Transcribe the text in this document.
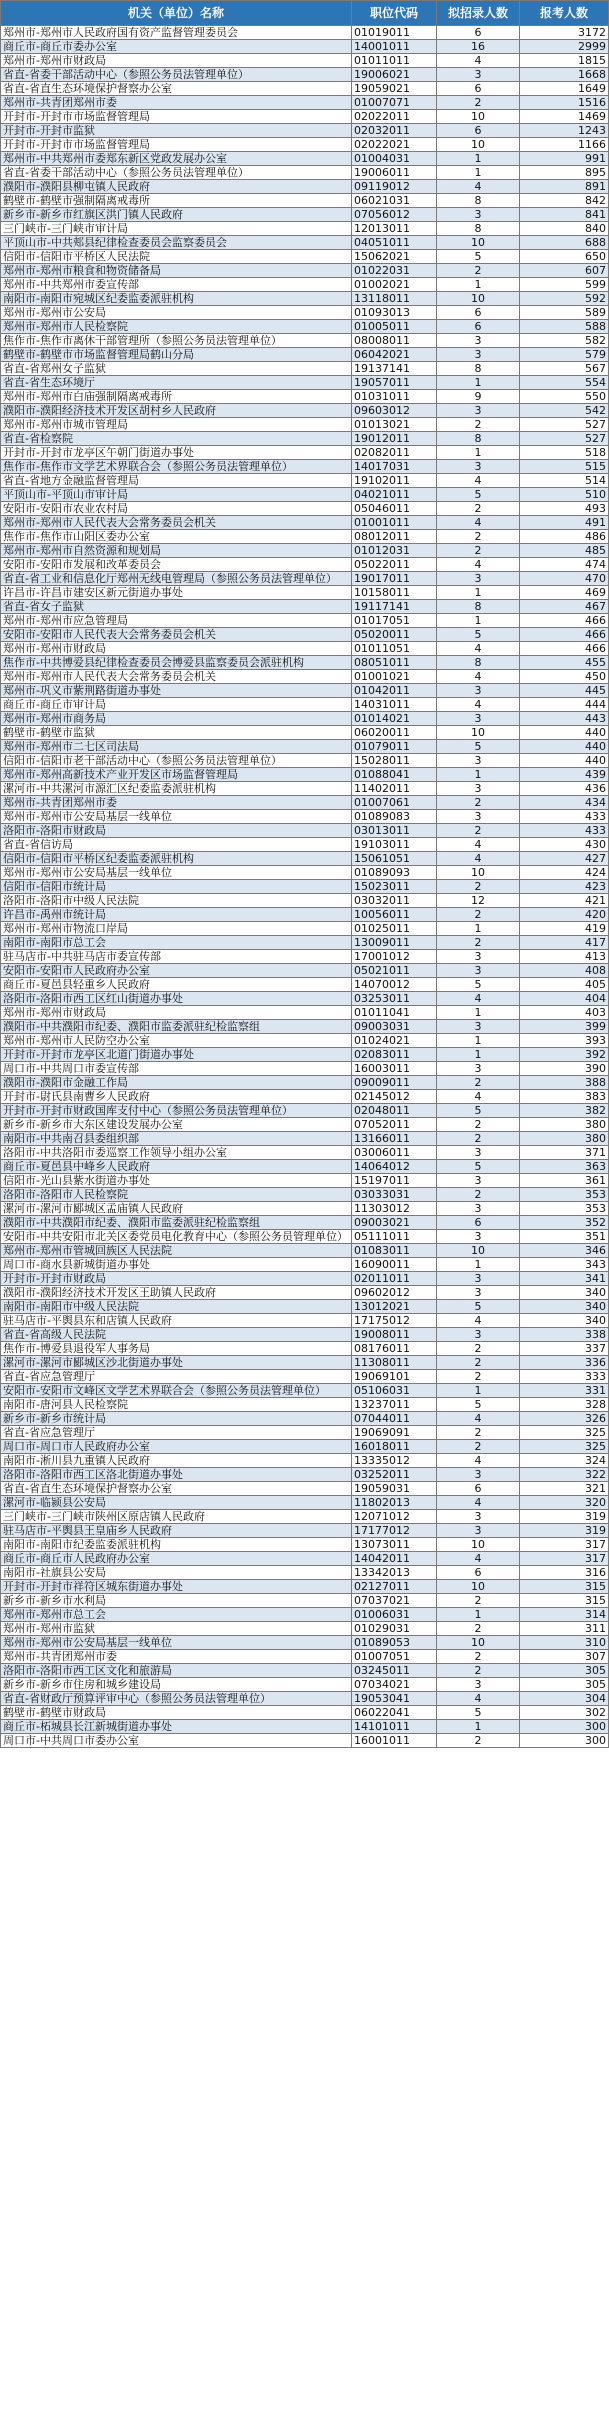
机关（单位）名称	职位代码	拟招录人数	报考人数
郑州市-郑州市人民政府国有资产监督管理委员会	01019011	6	3172
商丘市-商丘市委办公室	14001011	16	2999
郑州市-郑州市财政局	01011011	4	1815
省直-省委干部活动中心（参照公务员法管理单位）	19006021	3	1668
省直-省直生态环境保护督察办公室	19059021	6	1649
郑州市-共青团郑州市委	01007071	2	1516
开封市-开封市市场监督管理局	02022011	10	1469
开封市-开封市监狱	02032011	6	1243
开封市-开封市市场监督管理局	02022021	10	1166
郑州市-中共郑州市委郑东新区党政发展办公室	01004031	1	991
省直-省委干部活动中心（参照公务员法管理单位）	19006011	1	895
濮阳市-濮阳县柳屯镇人民政府	09119012	4	891
鹤壁市-鹤壁市强制隔离戒毒所	06021031	8	842
新乡市-新乡市红旗区洪门镇人民政府	07056012	3	841
三门峡市-三门峡市审计局	12013011	8	840
平顶山市-中共郏县纪律检查委员会监察委员会	04051011	10	688
信阳市-信阳市平桥区人民法院	15062021	5	650
郑州市-郑州市粮食和物资储备局	01022031	2	607
郑州市-中共郑州市委宣传部	01002021	1	599
南阳市-南阳市宛城区纪委监委派驻机构	13118011	10	592
郑州市-郑州市公安局	01093013	6	589
郑州市-郑州市人民检察院	01005011	6	588
焦作市-焦作市离休干部管理所（参照公务员法管理单位）	08008011	3	582
鹤壁市-鹤壁市市场监督管理局鹤山分局	06042021	3	579
省直-省郑州女子监狱	19137141	8	567
省直-省生态环境厅	19057011	1	554
郑州市-郑州市白庙强制隔离戒毒所	01031011	9	550
濮阳市-濮阳经济技术开发区胡村乡人民政府	09603012	3	542
郑州市-郑州市城市管理局	01013021	2	527
省直-省检察院	19012011	8	527
开封市-开封市龙亭区午朝门街道办事处	02082011	1	518
焦作市-焦作市文学艺术界联合会（参照公务员法管理单位）	14017031	3	515
省直-省地方金融监督管理局	19102011	4	514
平顶山市-平顶山市审计局	04021011	5	510
安阳市-安阳市农业农村局	05046011	2	493
郑州市-郑州市人民代表大会常务委员会机关	01001011	4	491
焦作市-焦作市山阳区委办公室	08012011	2	486
郑州市-郑州市自然资源和规划局	01012031	2	485
安阳市-安阳市发展和改革委员会	05022011	4	474
省直-省工业和信息化厅郑州无线电管理局（参照公务员法管理单位）	19017011	3	470
许昌市-许昌市建安区新元街道办事处	10158011	1	469
省直-省女子监狱	19117141	8	467
郑州市-郑州市应急管理局	01017051	1	466
安阳市-安阳市人民代表大会常务委员会机关	05020011	5	466
郑州市-郑州市财政局	01011051	4	466
焦作市-中共博爱县纪律检查委员会博爱县监察委员会派驻机构	08051011	8	455
郑州市-郑州市人民代表大会常务委员会机关	01001021	4	450
郑州市-巩义市紫荆路街道办事处	01042011	3	445
商丘市-商丘市审计局	14031011	4	444
郑州市-郑州市商务局	01014021	3	443
鹤壁市-鹤壁市监狱	06020011	10	440
郑州市-郑州市二七区司法局	01079011	5	440
信阳市-信阳市老干部活动中心（参照公务员法管理单位）	15028011	3	440
郑州市-郑州高新技术产业开发区市场监督管理局	01088041	1	439
漯河市-中共漯河市源汇区纪委监委派驻机构	11402011	3	436
郑州市-共青团郑州市委	01007061	2	434
郑州市-郑州市公安局基层一线单位	01089083	3	433
洛阳市-洛阳市财政局	03013011	2	433
省直-省信访局	19103011	4	430
信阳市-信阳市平桥区纪委监委派驻机构	15061051	4	427
郑州市-郑州市公安局基层一线单位	01089093	10	424
信阳市-信阳市统计局	15023011	2	423
洛阳市-洛阳市中级人民法院	03032011	12	421
许昌市-禹州市统计局	10056011	2	420
郑州市-郑州市物流口岸局	01025011	1	419
南阳市-南阳市总工会	13009011	2	417
驻马店市-中共驻马店市委宣传部	17001012	3	413
安阳市-安阳市人民政府办公室	05021011	3	408
商丘市-夏邑县轻重乡人民政府	14070012	5	405
洛阳市-洛阳市西工区红山街道办事处	03253011	4	404
郑州市-郑州市财政局	01011041	1	403
濮阳市-中共濮阳市纪委、濮阳市监委派驻纪检监察组	09003031	3	399
郑州市-郑州市人民防空办公室	01024021	1	393
开封市-开封市龙亭区北道门街道办事处	02083011	1	392
周口市-中共周口市委宣传部	16003011	3	390
濮阳市-濮阳市金融工作局	09009011	2	388
开封市-尉氏县南曹乡人民政府	02145012	4	383
开封市-开封市财政国库支付中心（参照公务员法管理单位）	02048011	5	382
新乡市-新乡市大东区建设发展办公室	07052011	2	380
南阳市-中共南召县委组织部	13166011	2	380
洛阳市-中共洛阳市委巡察工作领导小组办公室	03006011	3	371
商丘市-夏邑县中峰乡人民政府	14064012	5	363
信阳市-光山县紫水街道办事处	15197011	3	361
洛阳市-洛阳市人民检察院	03033031	2	353
漯河市-漯河市郾城区孟庙镇人民政府	11303012	3	353
濮阳市-中共濮阳市纪委、濮阳市监委派驻纪检监察组	09003021	6	352
安阳市-中共安阳市北关区委党员电化教育中心（参照公务员管理单位）	05111011	3	351
郑州市-郑州市管城回族区人民法院	01083011	10	346
周口市-商水县新城街道办事处	16090011	1	343
开封市-开封市财政局	02011011	3	341
濮阳市-濮阳经济技术开发区王助镇人民政府	09602012	3	340
南阳市-南阳市中级人民法院	13012021	5	340
驻马店市-平舆县东和店镇人民政府	17175012	4	340
省直-省高级人民法院	19008011	3	338
焦作市-博爱县退役军人事务局	08176011	2	337
漯河市-漯河市郾城区沙北街道办事处	11308011	2	336
省直-省应急管理厅	19069101	2	333
安阳市-安阳市文峰区文学艺术界联合会（参照公务员法管理单位）	05106031	1	331
南阳市-唐河县人民检察院	13237011	5	328
新乡市-新乡市统计局	07044011	4	326
省直-省应急管理厅	19069091	2	325
周口市-周口市人民政府办公室	16018011	2	325
南阳市-淅川县九重镇人民政府	13335012	4	324
洛阳市-洛阳市西工区洛北街道办事处	03252011	3	322
省直-省直生态环境保护督察办公室	19059031	6	321
漯河市-临颍县公安局	11802013	4	320
三门峡市-三门峡市陕州区原店镇人民政府	12071012	3	319
驻马店市-平舆县王皇庙乡人民政府	17177012	3	319
南阳市-南阳市纪委监委派驻机构	13073011	10	317
商丘市-商丘市人民政府办公室	14042011	4	317
南阳市-社旗县公安局	13342013	6	316
开封市-开封市祥符区城东街道办事处	02127011	10	315
新乡市-新乡市水利局	07037021	2	315
郑州市-郑州市总工会	01006031	1	314
郑州市-郑州市监狱	01029031	2	311
郑州市-郑州市公安局基层一线单位	01089053	10	310
郑州市-共青团郑州市委	01007051	2	307
洛阳市-洛阳市西工区文化和旅游局	03245011	2	305
新乡市-新乡市住房和城乡建设局	07034021	3	305
省直-省财政厅预算评审中心（参照公务员法管理单位）	19053041	4	304
鹤壁市-鹤壁市财政局	06022041	5	302
商丘市-柘城县长江新城街道办事处	14101011	1	300
周口市-中共周口市委办公室	16001011	2	300
